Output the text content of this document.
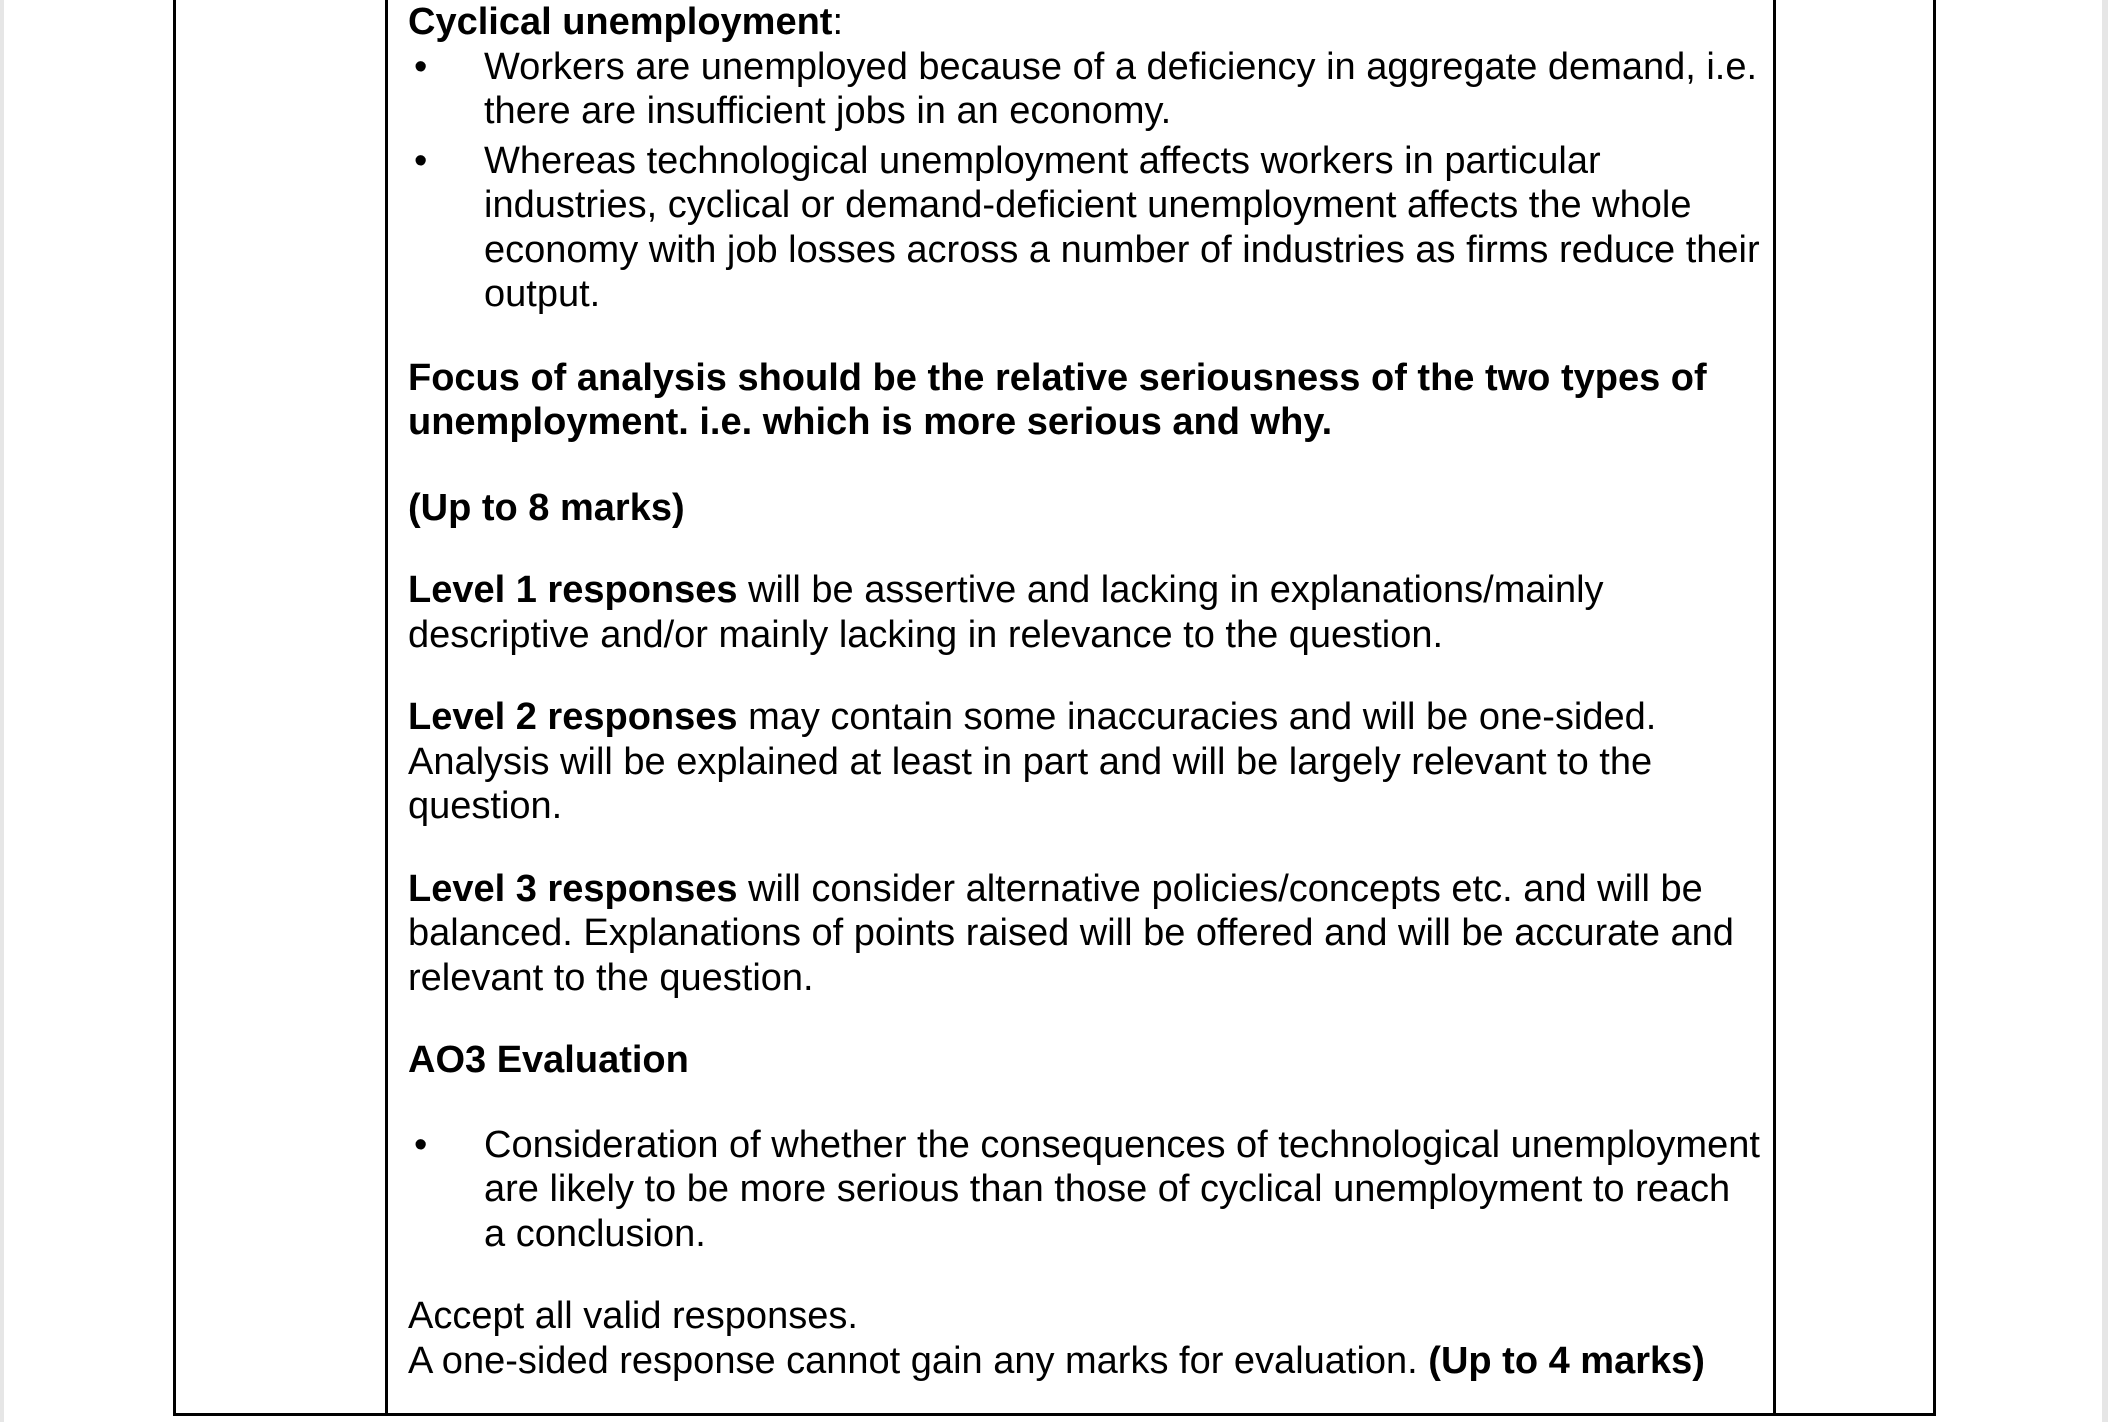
Cyclical unemployment:

• Workers are unemployed because of a deficiency in aggregate demand, i.e. there are insufficient jobs in an economy.
• Whereas technological unemployment affects workers in particular industries, cyclical or demand-deficient unemployment affects the whole economy with job losses across a number of industries as firms reduce their output.

Focus of analysis should be the relative seriousness of the two types of unemployment. i.e. which is more serious and why.

(Up to 8 marks)

Level 1 responses will be assertive and lacking in explanations/mainly descriptive and/or mainly lacking in relevance to the question.

Level 2 responses may contain some inaccuracies and will be one-sided. Analysis will be explained at least in part and will be largely relevant to the question.

Level 3 responses will consider alternative policies/concepts etc. and will be balanced. Explanations of points raised will be offered and will be accurate and relevant to the question.

AO3 Evaluation

• Consideration of whether the consequences of technological unemployment are likely to be more serious than those of cyclical unemployment to reach a conclusion.

Accept all valid responses.

A one-sided response cannot gain any marks for evaluation. (Up to 4 marks)
